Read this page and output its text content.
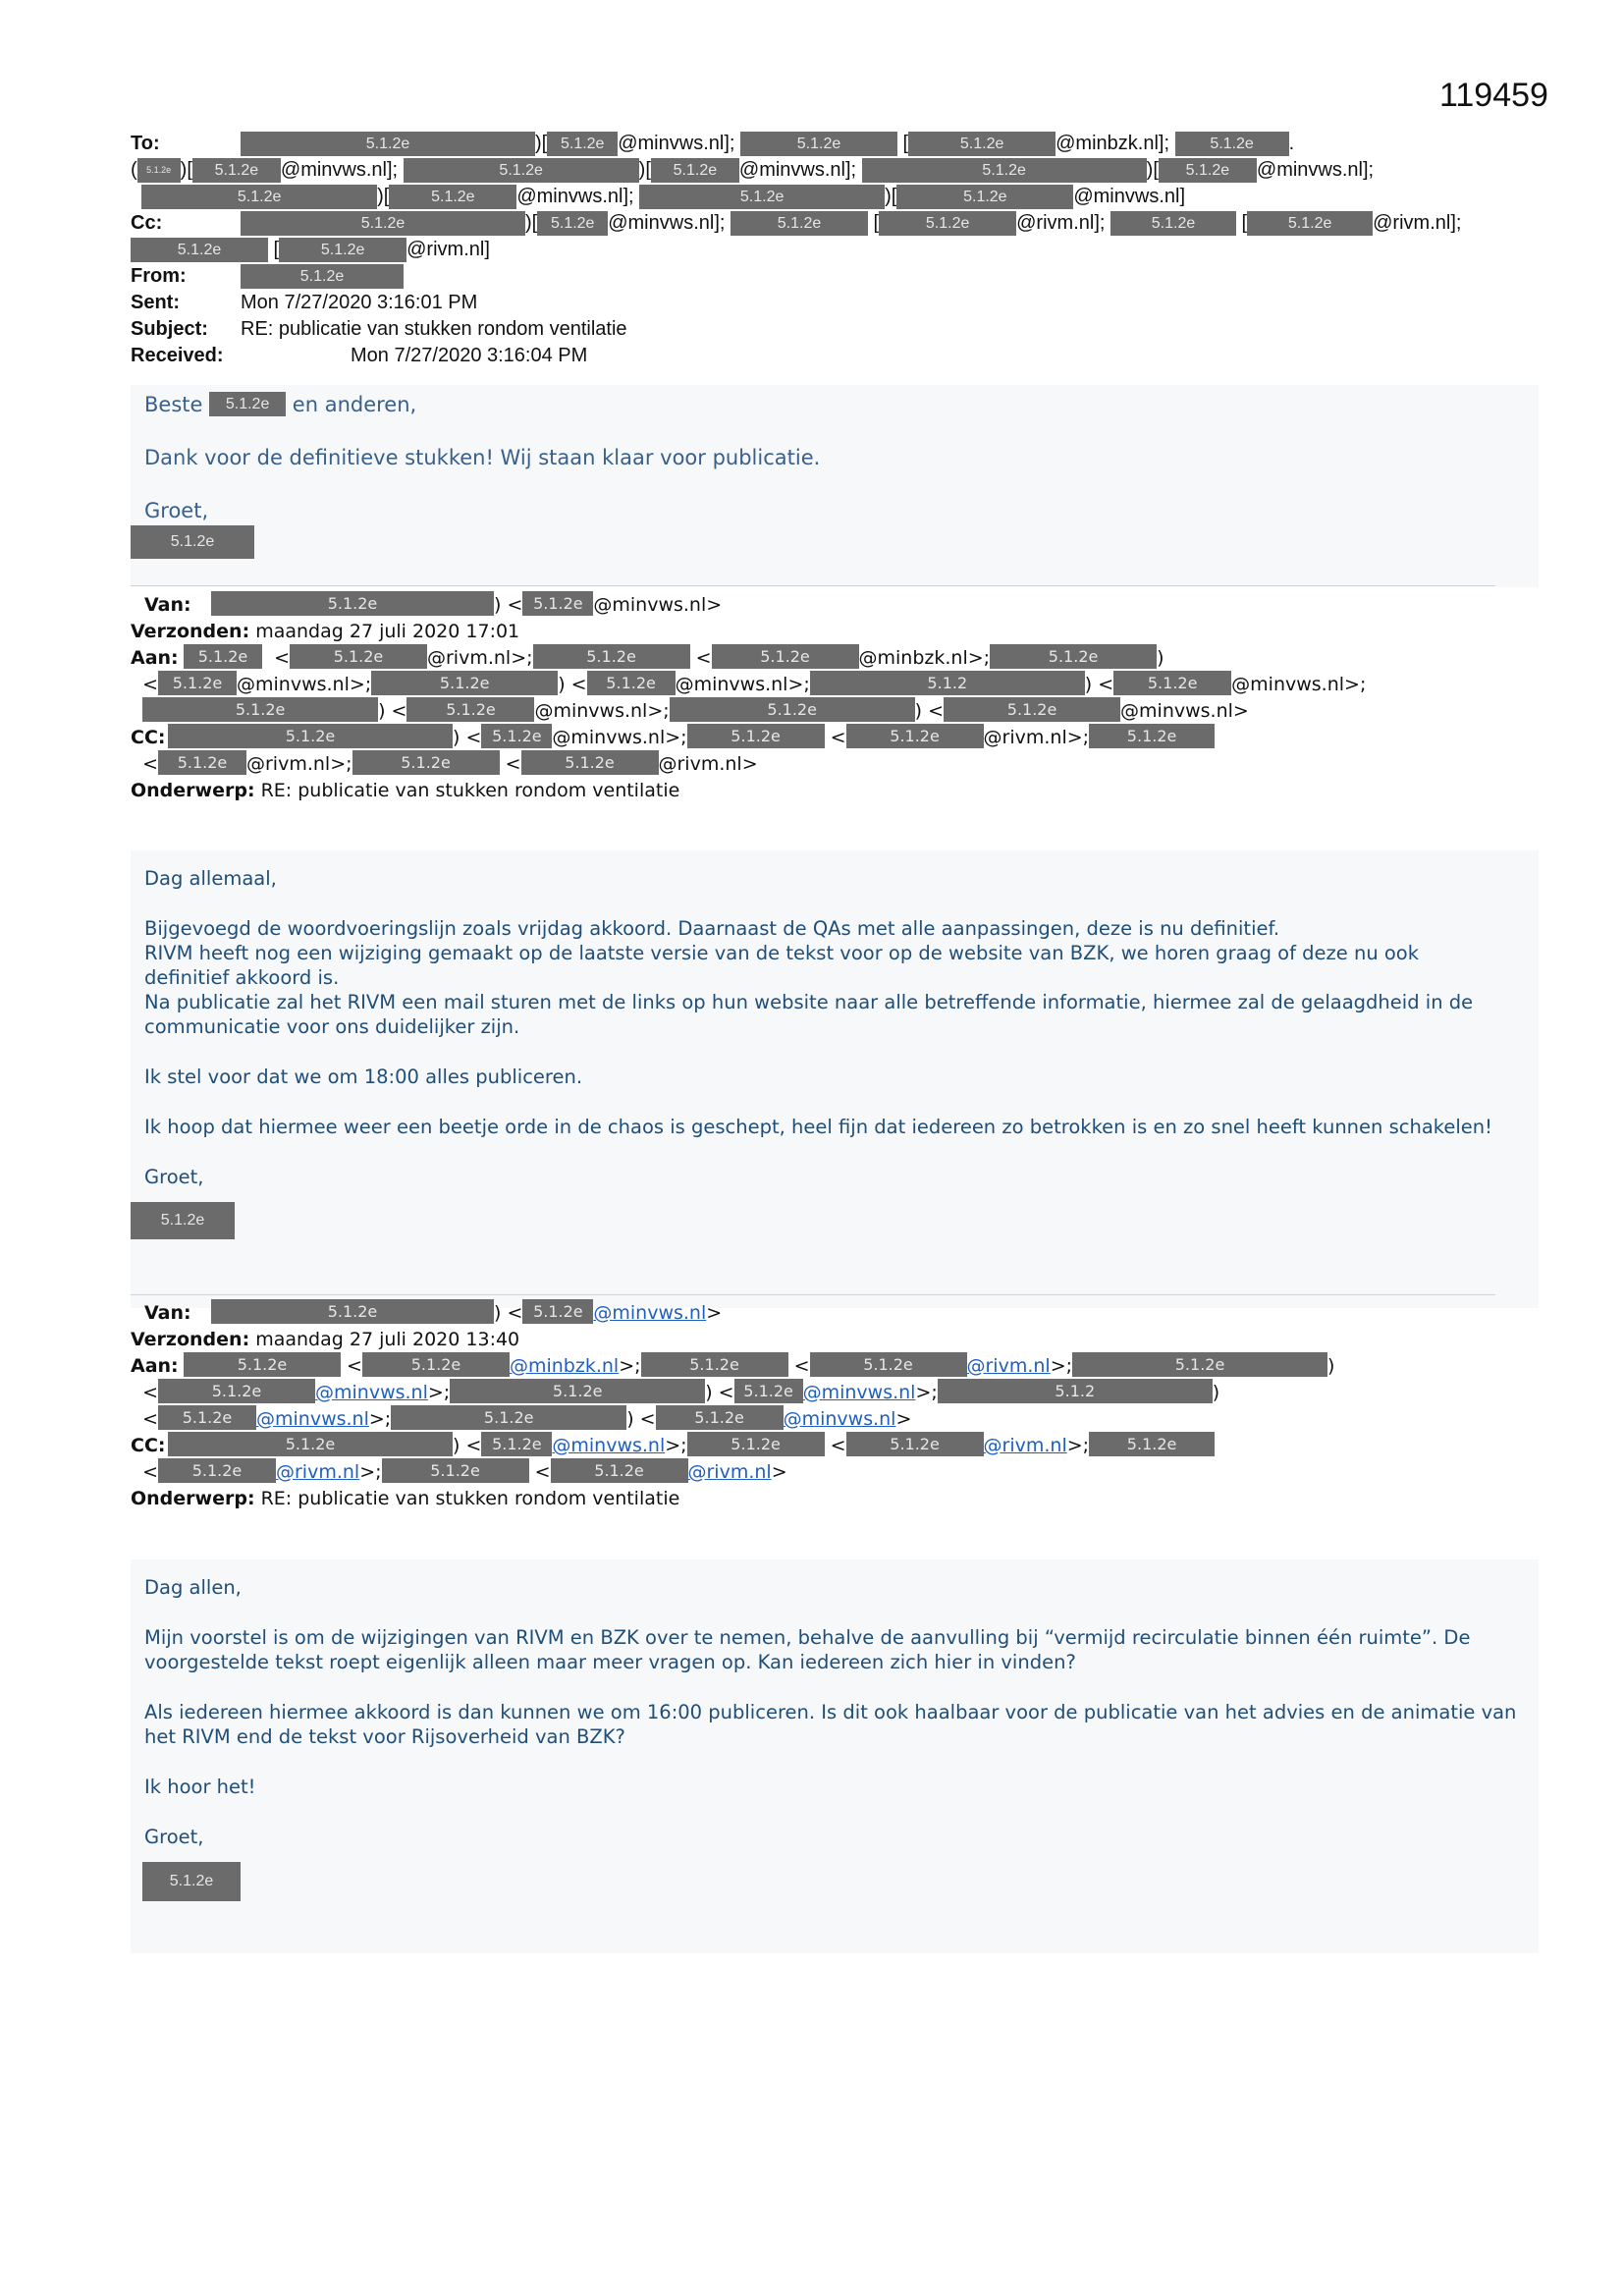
119459
To:	5.1.2e	)[ 5.1.2e @minvws.nl];	5.1.2e	[	5.1.2e	@minbzk.nl]; 5.1.2e .
( 5.1.2e )[ 5.1.2e @minvws.nl];	5.1.2e	)[ 5.1.2e @minvws.nl];	5.1.2e	)[ 5.1.2e @minvws.nl];
5.1.2e	)[	5.1.2e @minvws.nl];	5.1.2e	)[	5.1.2e	@minvws.nl]
Cc:	5.1.2e	)[ 5.1.2e @minvws.nl];	5.1.2e [	5.1.2e @rivm.nl];	5.1.2e [	5.1.2e @rivm.nl];
5.1.2e [	5.1.2e @rivm.nl]
From:	5.1.2e
Sent:	Mon 7/27/2020 3:16:01 PM
Subject: RE: publicatie van stukken rondom ventilatie
Received:	Mon 7/27/2020 3:16:04 PM

Beste 5.1.2e en anderen,

Dank voor de definitieve stukken! Wij staan klaar voor publicatie.

Groet,

5.1.2e
Van:	5.1.2e	) < 5.1.2e @minvws.nl>
Verzonden: maandag 27 juli 2020 17:01
Aan: 5.1.2e  <	5.1.2e @rivm.nl>;	5.1.2e	<	5.1.2e	@minbzk.nl>;	5.1.2e	)
< 5.1.2e @minvws.nl>;	5.1.2e	) < 5.1.2e @minvws.nl>;	5.1.2	) < 5.1.2e @minvws.nl>;
5.1.2e	) < 5.1.2e @minvws.nl>;	5.1.2e	) <	5.1.2e	@minvws.nl>
CC:	5.1.2e	) < 5.1.2e @minvws.nl>;	5.1.2e <	5.1.2e @rivm.nl>; 5.1.2e
< 5.1.2e @rivm.nl>;	5.1.2e	<	5.1.2e @rivm.nl>
Onderwerp: RE: publicatie van stukken rondom ventilatie

Dag allemaal,

Bijgevoegd de woordvoeringslijn zoals vrijdag akkoord. Daarnaast de QAs met alle aanpassingen, deze is nu definitief.

RIVM heeft nog een wijziging gemaakt op de laatste versie van de tekst voor op de website van BZK, we horen graag of deze nu ook definitief akkoord is.

Na publicatie zal het RIVM een mail sturen met de links op hun website naar alle betreffende informatie, hiermee zal de gelaagdheid in de communicatie voor ons duidelijker zijn.

Ik stel voor dat we om 18:00 alles publiceren.

Ik hoop dat hiermee weer een beetje orde in de chaos is geschept, heel fijn dat iedereen zo betrokken is en zo snel heeft kunnen schakelen!

Groet,

5.1.2e
Van:	5.1.2e	) < 5.1.2e @minvws.nl>
Verzonden: maandag 27 juli 2020 13:40
Aan:	5.1.2e	<	5.1.2e	@minbzk.nl>;	5.1.2e	<	5.1.2e	@rivm.nl>;	5.1.2e	)
<	5.1.2e	@minvws.nl>;	5.1.2e	) < 5.1.2e @minvws.nl>;	5.1.2	)
< 5.1.2e @minvws.nl>;	5.1.2e	) < 5.1.2e @minvws.nl>
CC:	5.1.2e	) < 5.1.2e @minvws.nl>;	5.1.2e <	5.1.2e @rivm.nl>; 5.1.2e
< 5.1.2e @rivm.nl>;	5.1.2e	<	5.1.2e @rivm.nl>
Onderwerp: RE: publicatie van stukken rondom ventilatie

Dag allen,

Mijn voorstel is om de wijzigingen van RIVM en BZK over te nemen, behalve de aanvulling bij “vermijd recirculatie binnen één ruimte”. De voorgestelde tekst roept eigenlijk alleen maar meer vragen op. Kan iedereen zich hier in vinden?

Als iedereen hiermee akkoord is dan kunnen we om 16:00 publiceren. Is dit ook haalbaar voor de publicatie van het advies en de animatie van het RIVM end de tekst voor Rijsoverheid van BZK?

Ik hoor het!

Groet,

5.1.2e
